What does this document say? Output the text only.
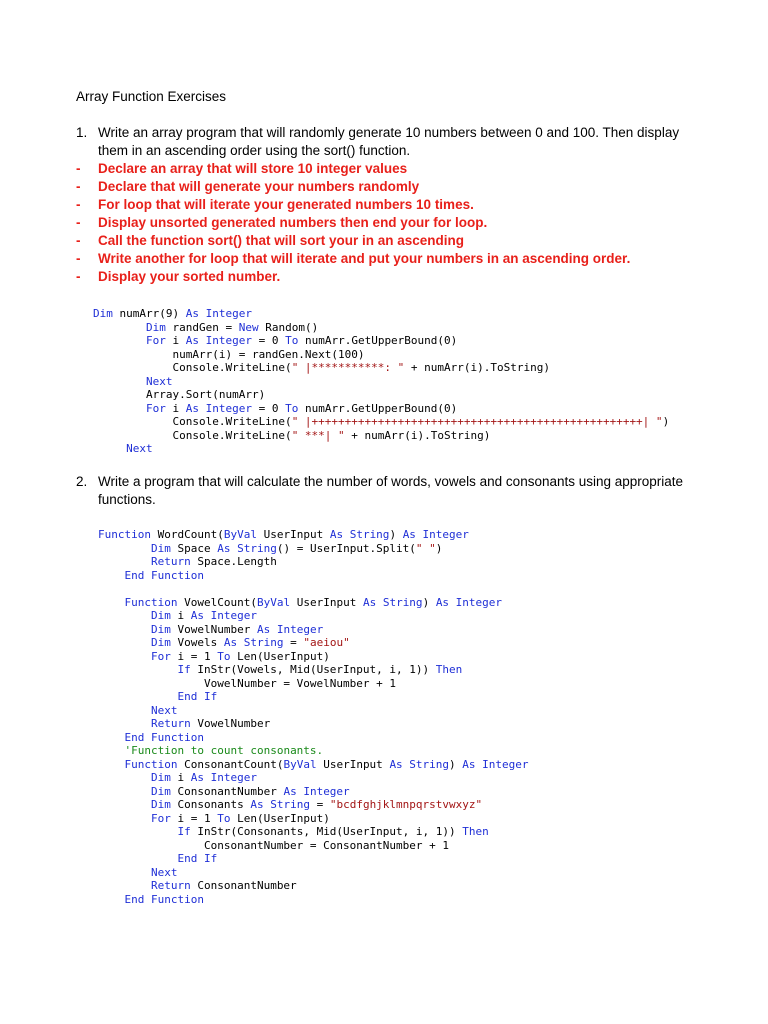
Array Function Exercises
1. Write an array program that will randomly generate 10 numbers between 0 and 100. Then display
them in an ascending order using the sort() function.
- Declare an array that will store 10 integer values
- Declare that will generate your numbers randomly
- For loop that will iterate your generated numbers 10 times.
- Display unsorted generated numbers then end your for loop.
- Call the function sort() that will sort your in an ascending
- Write another for loop that will iterate and put your numbers in an ascending order.
- Display your sorted number.
Dim numArr(9) As Integer
Dim randGen = New Random()
For i As Integer = 0 To numArr.GetUpperBound(0)
numArr(i) = randGen.Next(100)
Console.WriteLine(" |***********: " + numArr(i).ToString)
Next
Array.Sort(numArr)
For i As Integer = 0 To numArr.GetUpperBound(0)
Console.WriteLine(" |++++++++++++++++++++++++++++++++++++++++++++++++++| ")
Console.WriteLine(" ***| " + numArr(i).ToString)
Next
2. Write a program that will calculate the number of words, vowels and consonants using appropriate
functions.
Function WordCount(ByVal UserInput As String) As Integer
Dim Space As String() = UserInput.Split(" ")
Return Space.Length
End Function
Function VowelCount(ByVal UserInput As String) As Integer
Dim i As Integer
Dim VowelNumber As Integer
Dim Vowels As String = "aeiou"
For i = 1 To Len(UserInput)
If InStr(Vowels, Mid(UserInput, i, 1)) Then
VowelNumber = VowelNumber + 1
End If
Next
Return VowelNumber
End Function
'Function to count consonants.
Function ConsonantCount(ByVal UserInput As String) As Integer
Dim i As Integer
Dim ConsonantNumber As Integer
Dim Consonants As String = "bcdfghjklmnpqrstvwxyz"
For i = 1 To Len(UserInput)
If InStr(Consonants, Mid(UserInput, i, 1)) Then
ConsonantNumber = ConsonantNumber + 1
End If
Next
Return ConsonantNumber
End Function
